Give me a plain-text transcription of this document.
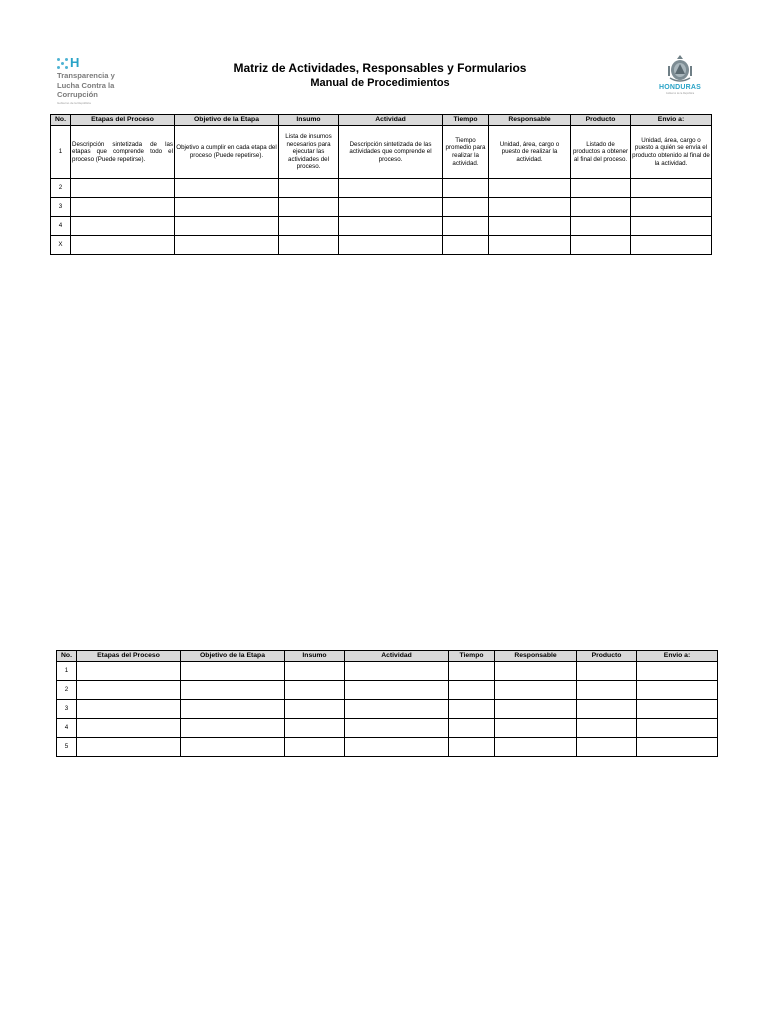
H
Transparencia y
Lucha Contra la
Corrupción
Gobierno de la República
Matriz de Actividades, Responsables y Formularios
Manual de Procedimientos	HONDURAS
Gobierno de la República
No.	Etapas del Proceso	Objetivo de la Etapa	Insumo	Actividad	Tiempo	Responsable	Producto	Envio a:
1	Descripción sintetizada de las etapas que comprende todo el proceso (Puede repetirse).	Objetivo a cumplir en cada etapa del proceso (Puede repetirse).	Lista de insumos necesarios para ejecutar las actividades del proceso.	Descripción sintetizada de las actividades que comprende el proceso.	Tiempo promedio para realizar la actividad.	Unidad, área, cargo o puesto de realizar la actividad.	Listado de productos a obtener al final del proceso.	Unidad, área, cargo o puesto a quién se envía el producto obtenido al final de la actividad.
2								
3								
4								
X								
No.	Etapas del Proceso	Objetivo de la Etapa	Insumo	Actividad	Tiempo	Responsable	Producto	Envio a:
1								
2								
3								
4								
5								
